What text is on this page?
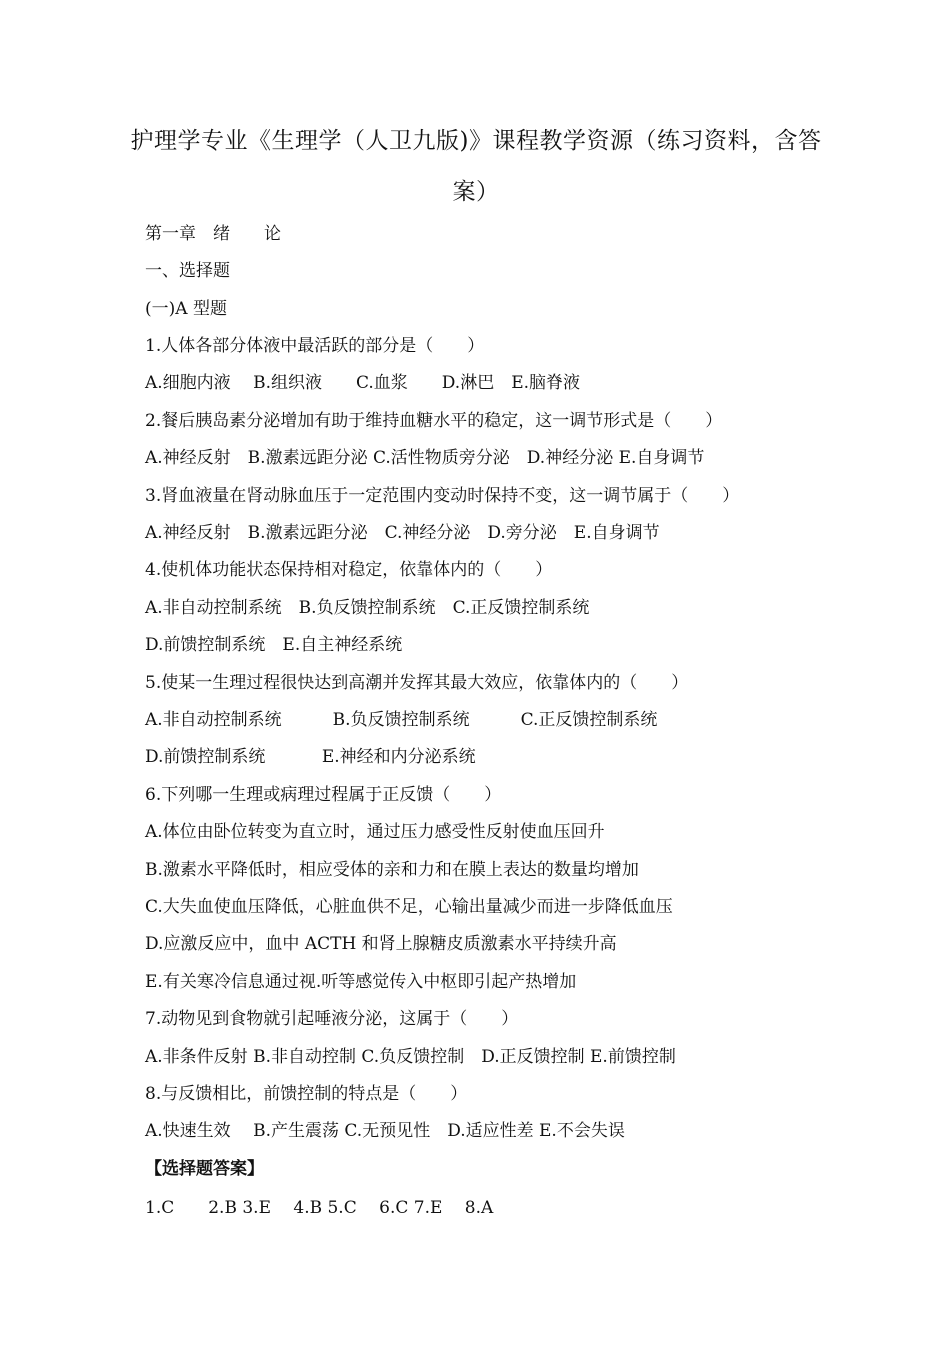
护理学专业《生理学（人卫九版)》课程教学资源（练习资料，含答
案）
第一章　绪　　论
一、选择题
(一)A 型题
1.人体各部分体液中最活跃的部分是（　　）
A.细胞内液　 B.组织液　　C.血浆　　D.淋巴　E.脑脊液
2.餐后胰岛素分泌增加有助于维持血糖水平的稳定，这一调节形式是（　　）
A.神经反射　B.激素远距分泌 C.活性物质旁分泌　D.神经分泌 E.自身调节
3.肾血液量在肾动脉血压于一定范围内变动时保持不变，这一调节属于（　　）
A.神经反射　B.激素远距分泌　C.神经分泌　D.旁分泌　E.自身调节
4.使机体功能状态保持相对稳定，依靠体内的（　　）
A.非自动控制系统　B.负反馈控制系统　C.正反馈控制系统
D.前馈控制系统　E.自主神经系统
5.使某一生理过程很快达到高潮并发挥其最大效应，依靠体内的（　　）
A.非自动控制系统　　　B.负反馈控制系统　　　C.正反馈控制系统
D.前馈控制系统　　　 E.神经和内分泌系统
6.下列哪一生理或病理过程属于正反馈（　　）
A.体位由卧位转变为直立时，通过压力感受性反射使血压回升
B.激素水平降低时，相应受体的亲和力和在膜上表达的数量均增加
C.大失血使血压降低，心脏血供不足，心输出量减少而进一步降低血压
D.应激反应中，血中 ACTH 和肾上腺糖皮质激素水平持续升高
E.有关寒冷信息通过视.听等感觉传入中枢即引起产热增加
7.动物见到食物就引起唾液分泌，这属于（　　）
A.非条件反射 B.非自动控制 C.负反馈控制　D.正反馈控制 E.前馈控制
8.与反馈相比，前馈控制的特点是（　　）
A.快速生效　 B.产生震荡 C.无预见性　D.适应性差 E.不会失误
【选择题答案】
1.C　　2.B 3.E　 4.B 5.C　 6.C 7.E　 8.A
